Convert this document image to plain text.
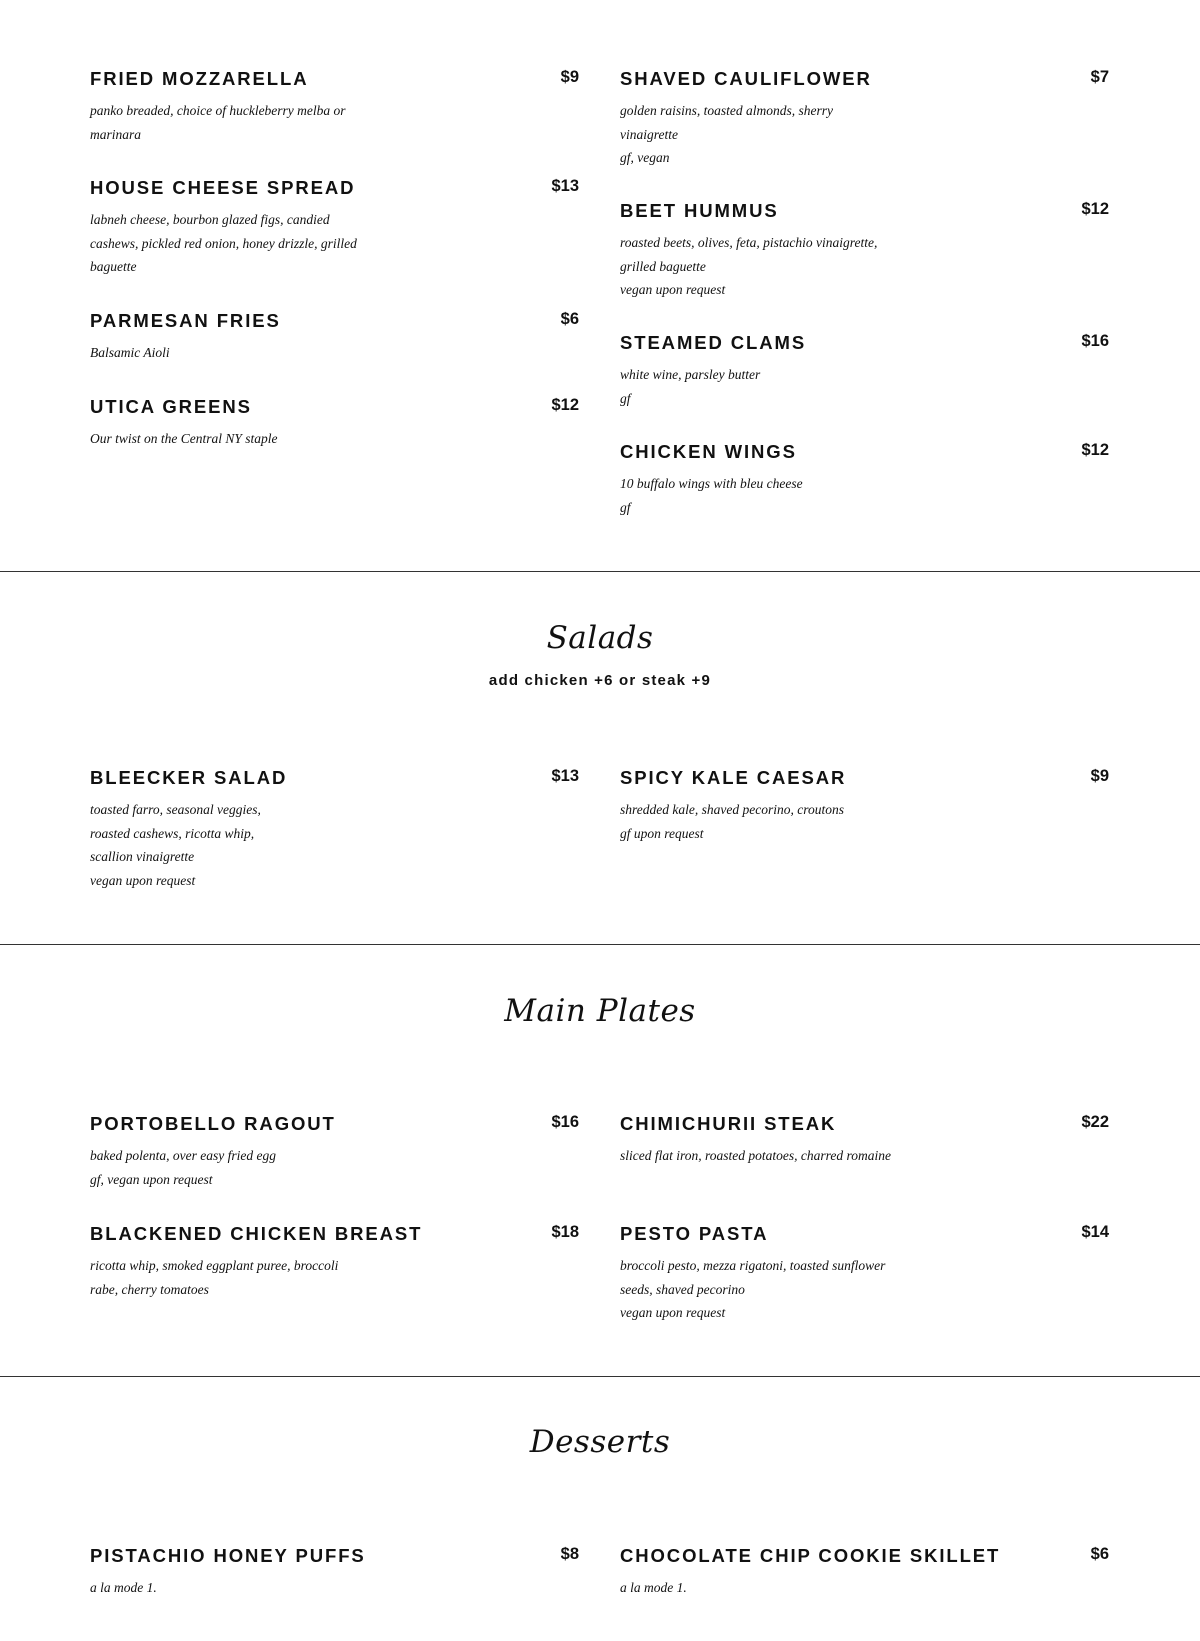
FRIED MOZZARELLA	$9
panko breaded, choice of huckleberry melba or
marinara
HOUSE CHEESE SPREAD	$13
labneh cheese, bourbon glazed figs, candied
cashews, pickled red onion, honey drizzle, grilled
baguette
PARMESAN FRIES	$6
Balsamic Aioli
UTICA GREENS	$12
Our twist on the Central NY staple
SHAVED CAULIFLOWER	$7
golden raisins, toasted almonds, sherry
vinaigrette
gf, vegan
BEET HUMMUS	$12
roasted beets, olives, feta, pistachio vinaigrette,
grilled baguette
vegan upon request
STEAMED CLAMS	$16
white wine, parsley butter
gf
CHICKEN WINGS	$12
10 buffalo wings with bleu cheese
gf
Salads
add chicken +6 or steak +9
BLEECKER SALAD	$13
toasted farro, seasonal veggies,
roasted cashews, ricotta whip,
scallion vinaigrette
vegan upon request
SPICY KALE CAESAR	$9
shredded kale, shaved pecorino, croutons
gf upon request
Main Plates
PORTOBELLO RAGOUT	$16
baked polenta, over easy fried egg
gf, vegan upon request
BLACKENED CHICKEN BREAST	$18
ricotta whip, smoked eggplant puree, broccoli
rabe, cherry tomatoes
CHIMICHURII STEAK	$22
sliced flat iron, roasted potatoes, charred romaine
PESTO PASTA	$14
broccoli pesto, mezza rigatoni, toasted sunflower
seeds, shaved pecorino
vegan upon request
Desserts
PISTACHIO HONEY PUFFS	$8
a la mode 1.
CHOCOLATE CHIP COOKIE SKILLET	$6
a la mode 1.
